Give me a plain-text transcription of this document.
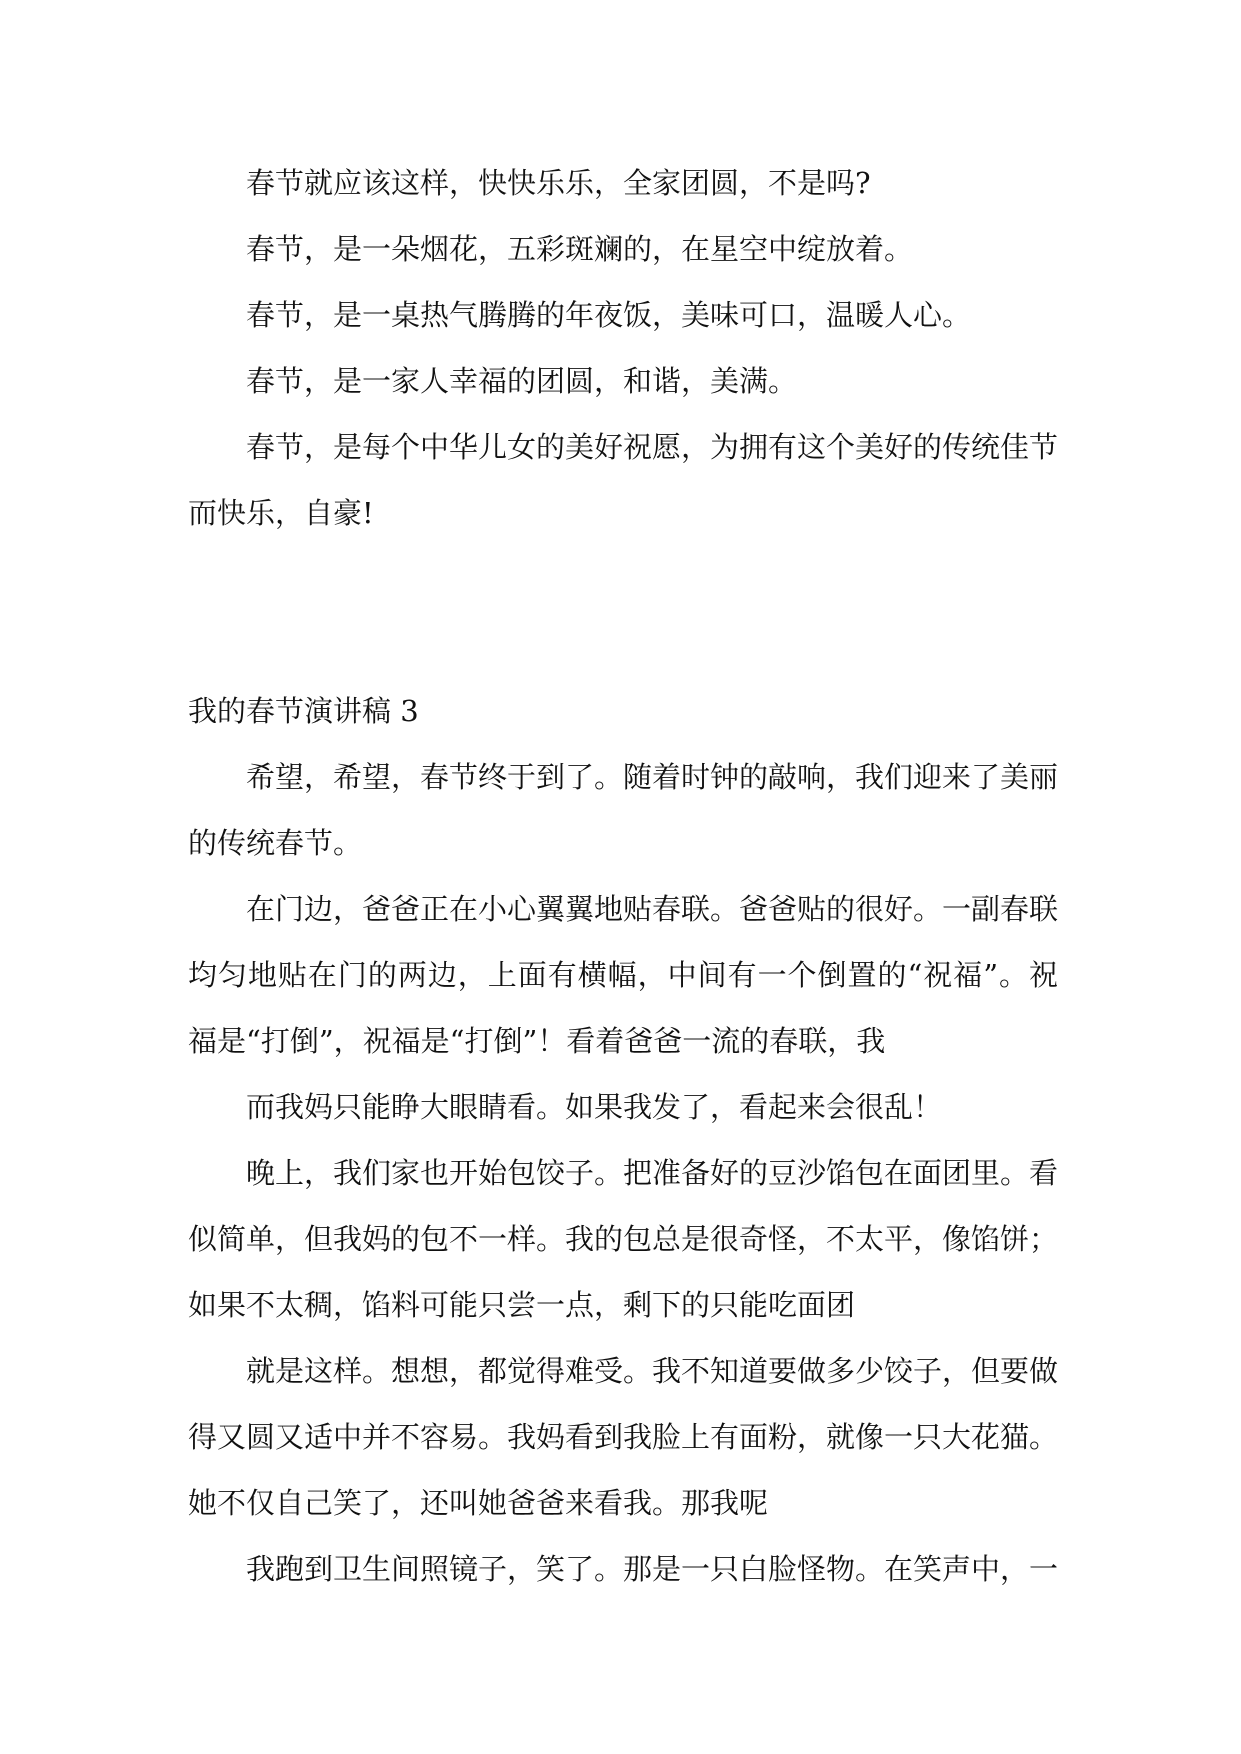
春节就应该这样，快快乐乐，全家团圆，不是吗?

春节，是一朵烟花，五彩斑斓的，在星空中绽放着。

春节，是一桌热气腾腾的年夜饭，美味可口，温暖人心。

春节，是一家人幸福的团圆，和谐，美满。

春节，是每个中华儿女的美好祝愿，为拥有这个美好的传统佳节而快乐，自豪!

我的春节演讲稿 3

希望，希望，春节终于到了。随着时钟的敲响，我们迎来了美丽的传统春节。

在门边，爸爸正在小心翼翼地贴春联。爸爸贴的很好。一副春联均匀地贴在门的两边，上面有横幅，中间有一个倒置的“祝福”。祝福是“打倒”，祝福是“打倒”！看着爸爸一流的春联，我

而我妈只能睁大眼睛看。如果我发了，看起来会很乱！

晚上，我们家也开始包饺子。把准备好的豆沙馅包在面团里。看似简单，但我妈的包不一样。我的包总是很奇怪，不太平，像馅饼；如果不太稠，馅料可能只尝一点，剩下的只能吃面团

就是这样。想想，都觉得难受。我不知道要做多少饺子，但要做得又圆又适中并不容易。我妈看到我脸上有面粉，就像一只大花猫。她不仅自己笑了，还叫她爸爸来看我。那我呢

我跑到卫生间照镜子，笑了。那是一只白脸怪物。在笑声中，一
